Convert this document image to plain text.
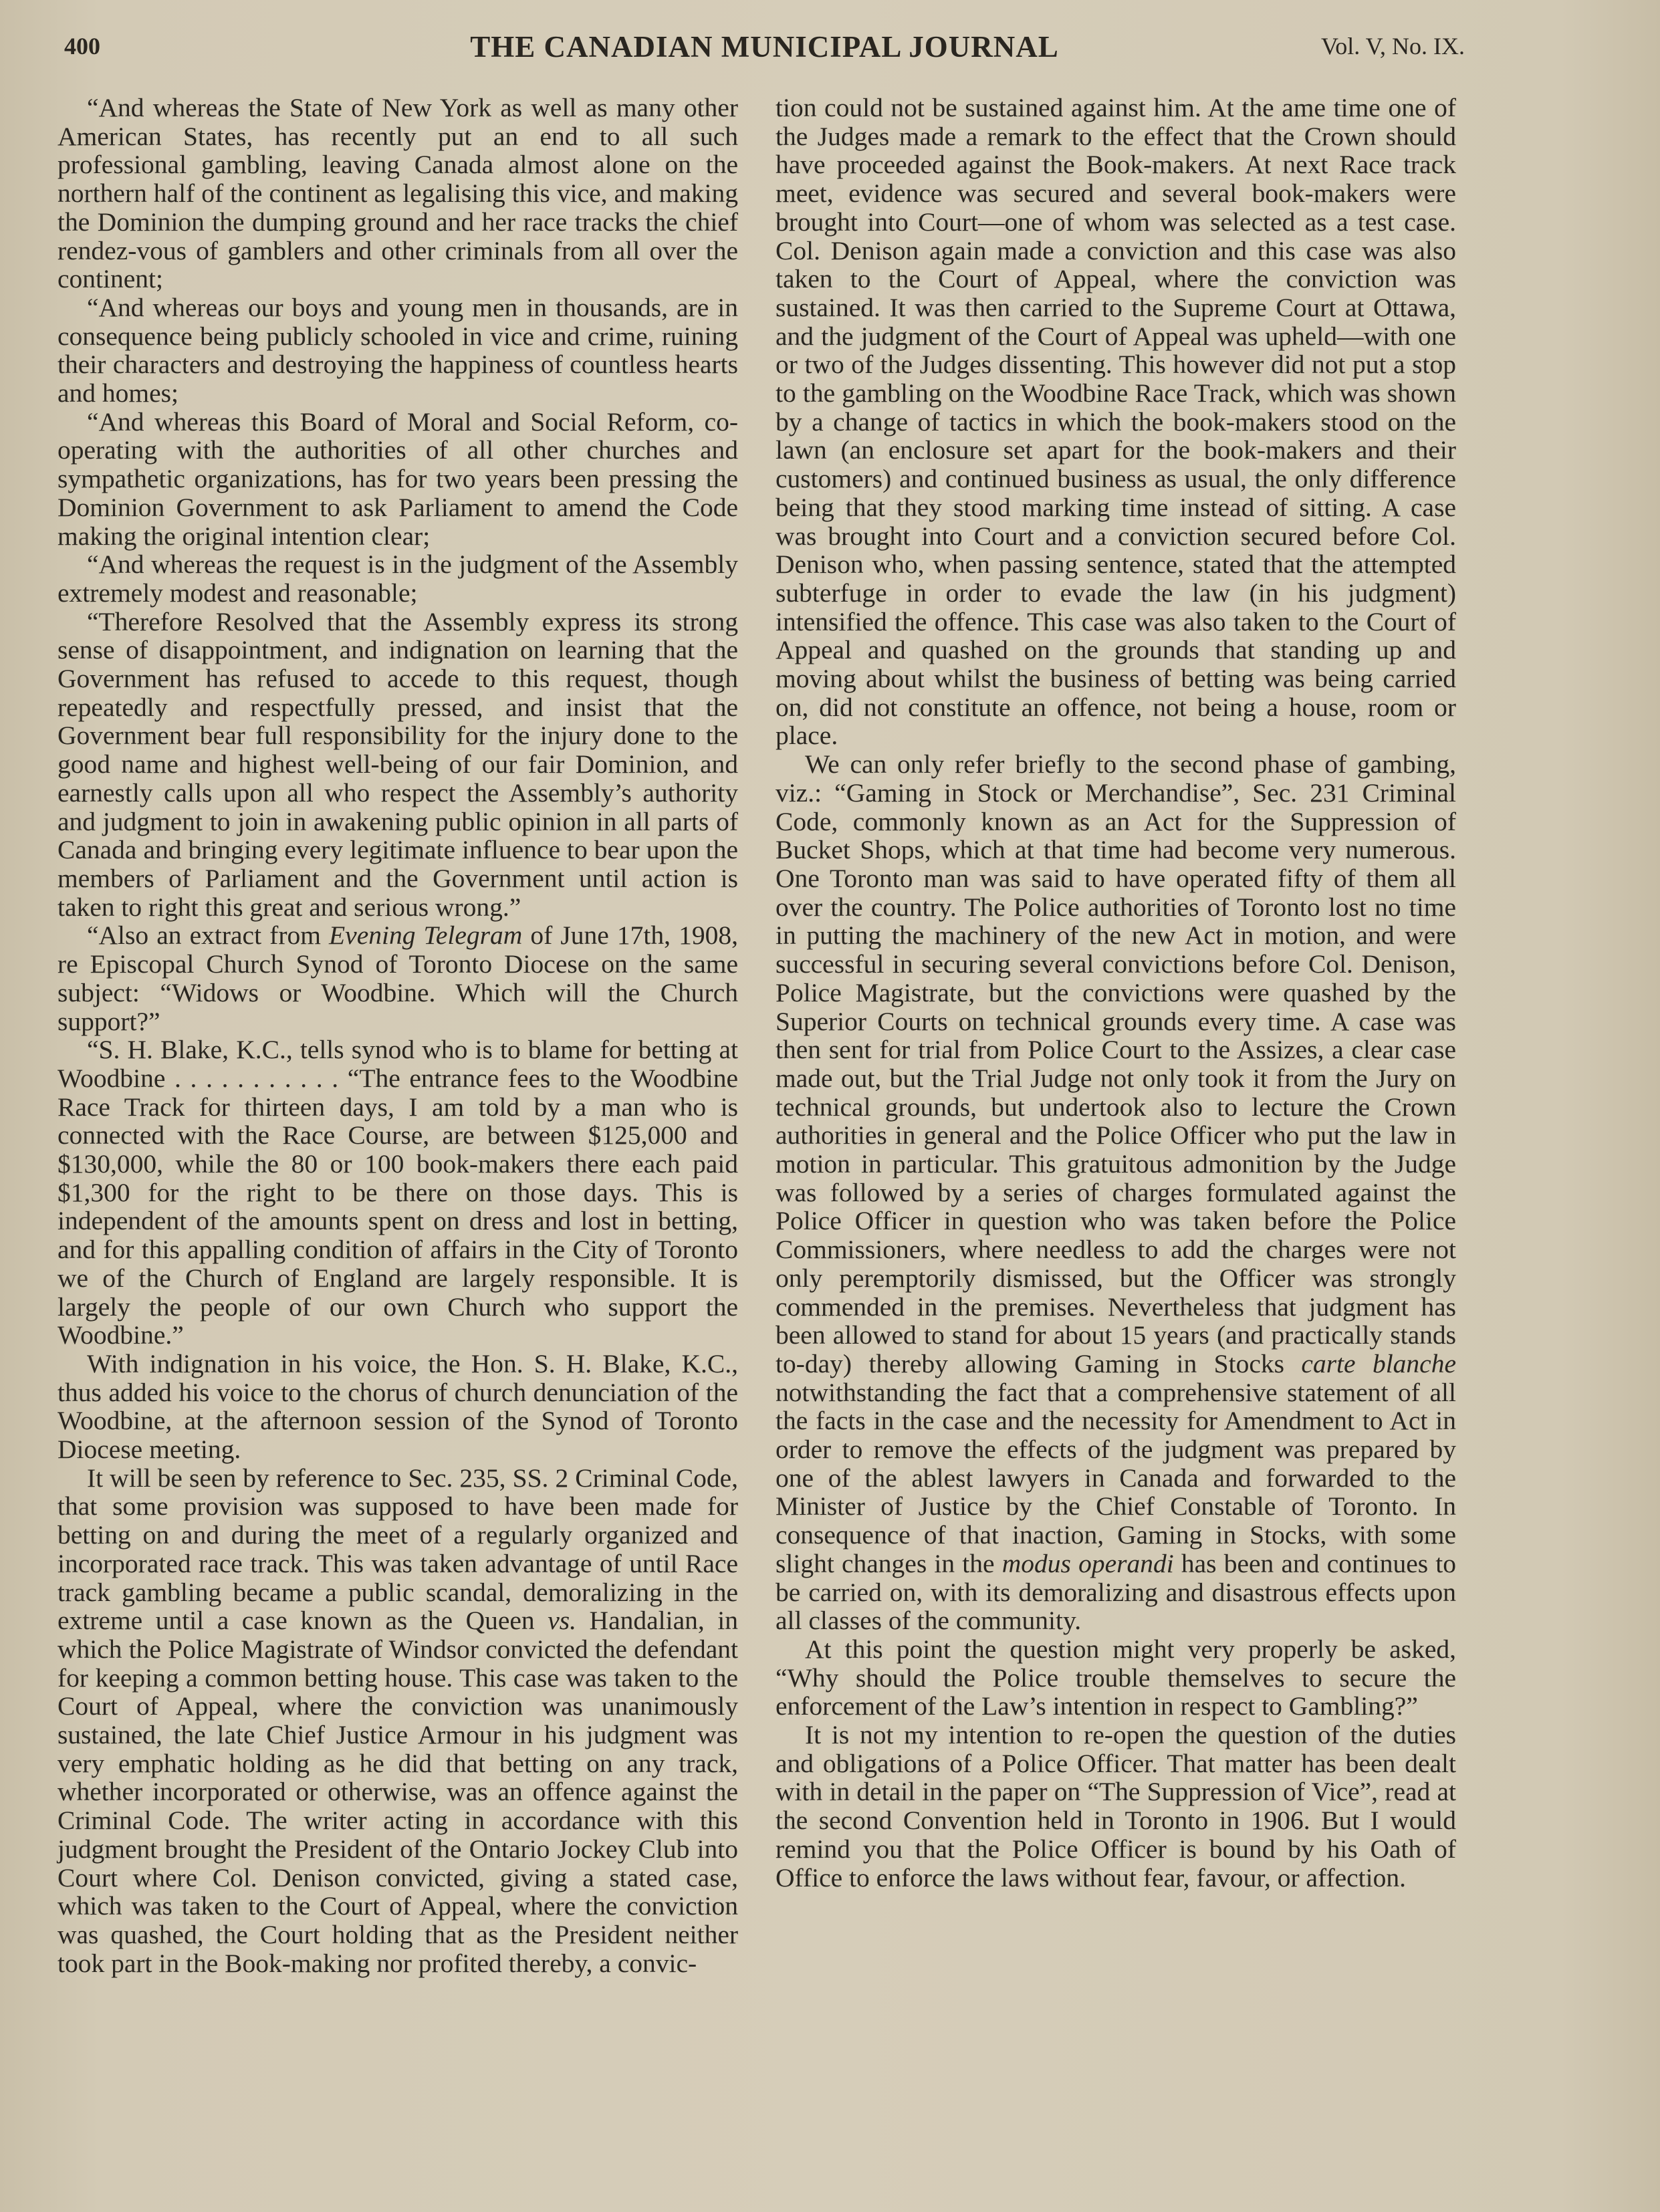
400	THE CANADIAN MUNICIPAL JOURNAL	Vol. V, No. IX.

“And whereas the State of New York as well as many other American States, has recently put an end to all such professional gambling, leaving Canada almost alone on the northern half of the continent as legalising this vice, and making the Dominion the dumping ground and her race tracks the chief rendez-vous of gamblers and other criminals from all over the continent;

“And whereas our boys and young men in thousands, are in consequence being publicly schooled in vice and crime, ruining their characters and destroying the happiness of countless hearts and homes;

“And whereas this Board of Moral and Social Reform, co-operating with the authorities of all other churches and sympathetic organizations, has for two years been pressing the Dominion Government to ask Parliament to amend the Code making the original intention clear;

“And whereas the request is in the judgment of the Assembly extremely modest and reasonable;

“Therefore Resolved that the Assembly express its strong sense of disappointment, and indignation on learning that the Government has refused to accede to this request, though repeatedly and respectfully pressed, and insist that the Government bear full responsibility for the injury done to the good name and highest well-being of our fair Dominion, and earnestly calls upon all who respect the Assembly’s authority and judgment to join in awakening public opinion in all parts of Canada and bringing every legitimate influence to bear upon the members of Parliament and the Government until action is taken to right this great and serious wrong.”

“Also an extract from Evening Telegram of June 17th, 1908, re Episcopal Church Synod of Toronto Diocese on the same subject: “Widows or Woodbine. Which will the Church support?”

“S. H. Blake, K.C., tells synod who is to blame for betting at Woodbine . . . . . . . . . . . “The entrance fees to the Woodbine Race Track for thirteen days, I am told by a man who is connected with the Race Course, are between $125,000 and $130,000, while the 80 or 100 book-makers there each paid $1,300 for the right to be there on those days. This is independent of the amounts spent on dress and lost in betting, and for this appalling condition of affairs in the City of Toronto we of the Church of England are largely responsible. It is largely the people of our own Church who support the Woodbine.”

With indignation in his voice, the Hon. S. H. Blake, K.C., thus added his voice to the chorus of church denunciation of the Woodbine, at the afternoon session of the Synod of Toronto Diocese meeting.

It will be seen by reference to Sec. 235, SS. 2 Criminal Code, that some provision was supposed to have been made for betting on and during the meet of a regularly organized and incorporated race track. This was taken advantage of until Race track gambling became a public scandal, demoralizing in the extreme until a case known as the Queen vs. Handalian, in which the Police Magistrate of Windsor convicted the defendant for keeping a common betting house. This case was taken to the Court of Appeal, where the conviction was unanimously sustained, the late Chief Justice Armour in his judgment was very emphatic holding as he did that betting on any track, whether incorporated or otherwise, was an offence against the Criminal Code. The writer acting in accordance with this judgment brought the President of the Ontario Jockey Club into Court where Col. Denison convicted, giving a stated case, which was taken to the Court of Appeal, where the conviction was quashed, the Court holding that as the President neither took part in the Book-making nor profited thereby, a convic-

tion could not be sustained against him. At the ame time one of the Judges made a remark to the effect that the Crown should have proceeded against the Book-makers. At next Race track meet, evidence was secured and several book-makers were brought into Court—one of whom was selected as a test case. Col. Denison again made a conviction and this case was also taken to the Court of Appeal, where the conviction was sustained. It was then carried to the Supreme Court at Ottawa, and the judgment of the Court of Appeal was upheld—with one or two of the Judges dissenting. This however did not put a stop to the gambling on the Woodbine Race Track, which was shown by a change of tactics in which the book-makers stood on the lawn (an enclosure set apart for the book-makers and their customers) and continued business as usual, the only difference being that they stood marking time instead of sitting. A case was brought into Court and a conviction secured before Col. Denison who, when passing sentence, stated that the attempted subterfuge in order to evade the law (in his judgment) intensified the offence. This case was also taken to the Court of Appeal and quashed on the grounds that standing up and moving about whilst the business of betting was being carried on, did not constitute an offence, not being a house, room or place.

We can only refer briefly to the second phase of gambing, viz.: “Gaming in Stock or Merchandise”, Sec. 231 Criminal Code, commonly known as an Act for the Suppression of Bucket Shops, which at that time had become very numerous. One Toronto man was said to have operated fifty of them all over the country. The Police authorities of Toronto lost no time in putting the machinery of the new Act in motion, and were successful in securing several convictions before Col. Denison, Police Magistrate, but the convictions were quashed by the Superior Courts on technical grounds every time. A case was then sent for trial from Police Court to the Assizes, a clear case made out, but the Trial Judge not only took it from the Jury on technical grounds, but undertook also to lecture the Crown authorities in general and the Police Officer who put the law in motion in particular. This gratuitous admonition by the Judge was followed by a series of charges formulated against the Police Officer in question who was taken before the Police Commissioners, where needless to add the charges were not only peremptorily dismissed, but the Officer was strongly commended in the premises. Nevertheless that judgment has been allowed to stand for about 15 years (and practically stands to-day) thereby allowing Gaming in Stocks carte blanche notwithstanding the fact that a comprehensive statement of all the facts in the case and the necessity for Amendment to Act in order to remove the effects of the judgment was prepared by one of the ablest lawyers in Canada and forwarded to the Minister of Justice by the Chief Constable of Toronto. In consequence of that inaction, Gaming in Stocks, with some slight changes in the modus operandi has been and continues to be carried on, with its demoralizing and disastrous effects upon all classes of the community.

At this point the question might very properly be asked, “Why should the Police trouble themselves to secure the enforcement of the Law’s intention in respect to Gambling?”

It is not my intention to re-open the question of the duties and obligations of a Police Officer. That matter has been dealt with in detail in the paper on “The Suppression of Vice”, read at the second Convention held in Toronto in 1906. But I would remind you that the Police Officer is bound by his Oath of Office to enforce the laws without fear, favour, or affection.
